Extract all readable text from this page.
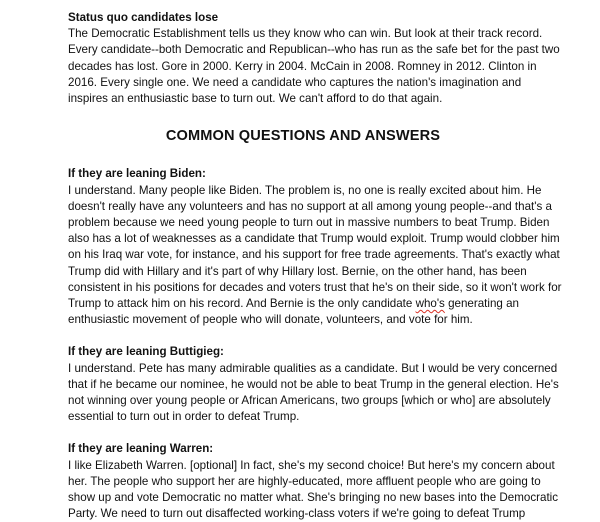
Status quo candidates lose

The Democratic Establishment tells us they know who can win. But look at their track record.
Every candidate--both Democratic and Republican--who has run as the safe bet for the past two
decades has lost. Gore in 2000. Kerry in 2004. McCain in 2008. Romney in 2012. Clinton in
2016. Every single one. We need a candidate who captures the nation's imagination and
inspires an enthusiastic base to turn out. We can't afford to do that again.

COMMON QUESTIONS AND ANSWERS

If they are leaning Biden:

I understand. Many people like Biden. The problem is, no one is really excited about him. He
doesn't really have any volunteers and has no support at all among young people--and that's a
problem because we need young people to turn out in massive numbers to beat Trump. Biden
also has a lot of weaknesses as a candidate that Trump would exploit. Trump would clobber him
on his Iraq war vote, for instance, and his support for free trade agreements. That's exactly what
Trump did with Hillary and it's part of why Hillary lost. Bernie, on the other hand, has been
consistent in his positions for decades and voters trust that he's on their side, so it won't work for
Trump to attack him on his record. And Bernie is the only candidate who's generating an
enthusiastic movement of people who will donate, volunteers, and vote for him.

If they are leaning Buttigieg:

I understand. Pete has many admirable qualities as a candidate. But I would be very concerned
that if he became our nominee, he would not be able to beat Trump in the general election. He's
not winning over young people or African Americans, two groups [which or who] are absolutely
essential to turn out in order to defeat Trump.

If they are leaning Warren:

I like Elizabeth Warren. [optional] In fact, she's my second choice! But here's my concern about
her. The people who support her are highly-educated, more affluent people who are going to
show up and vote Democratic no matter what. She's bringing no new bases into the Democratic
Party. We need to turn out disaffected working-class voters if we're going to defeat Trump
